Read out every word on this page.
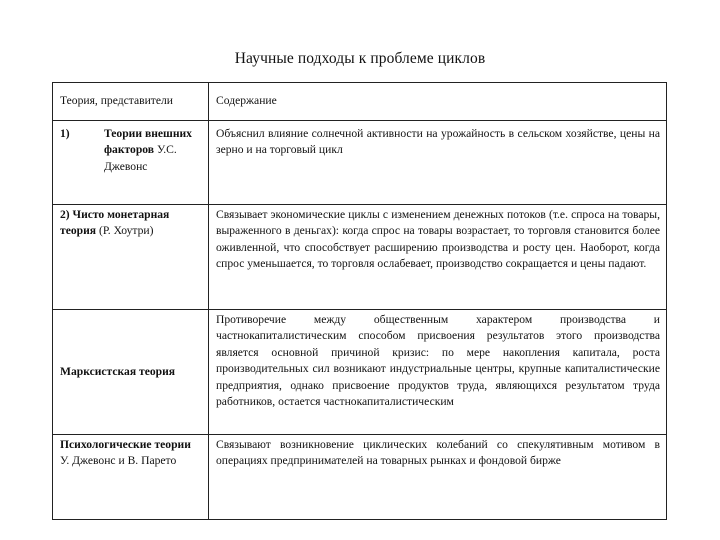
Научные подходы к проблеме циклов
Теория, представители	Содержание

1) Теории внешних факторов У.С. Джевонс	Объяснил влияние солнечной активности на урожайность в сельском хозяйстве, цены на зерно и на торговый цикл
2) Чисто монетарная теория (Р. Хоутри)	Связывает экономические циклы с изменением денежных потоков (т.е. спроса на товары, выраженного в деньгах): когда спрос на товары возрастает, то торговля становится более оживленной, что способствует расширению производства и росту цен. Наоборот, когда спрос уменьшается, то торговля ослабевает, производство сокращается и цены падают.
Марксистская теория	Противоречие между общественным характером производства и частнокапиталистическим способом присвоения результатов этого производства является основной причиной кризис: по мере накопления капитала, роста производительных сил возникают индустриальные центры, крупные капиталистические предприятия, однако присвоение продуктов труда, являющихся результатом труда работников, остается частнокапиталистическим
Психологические теории У. Джевонс и В. Парето	Связывают возникновение циклических колебаний со спекулятивным мотивом в операциях предпринимателей на товарных рынках и фондовой бирже
